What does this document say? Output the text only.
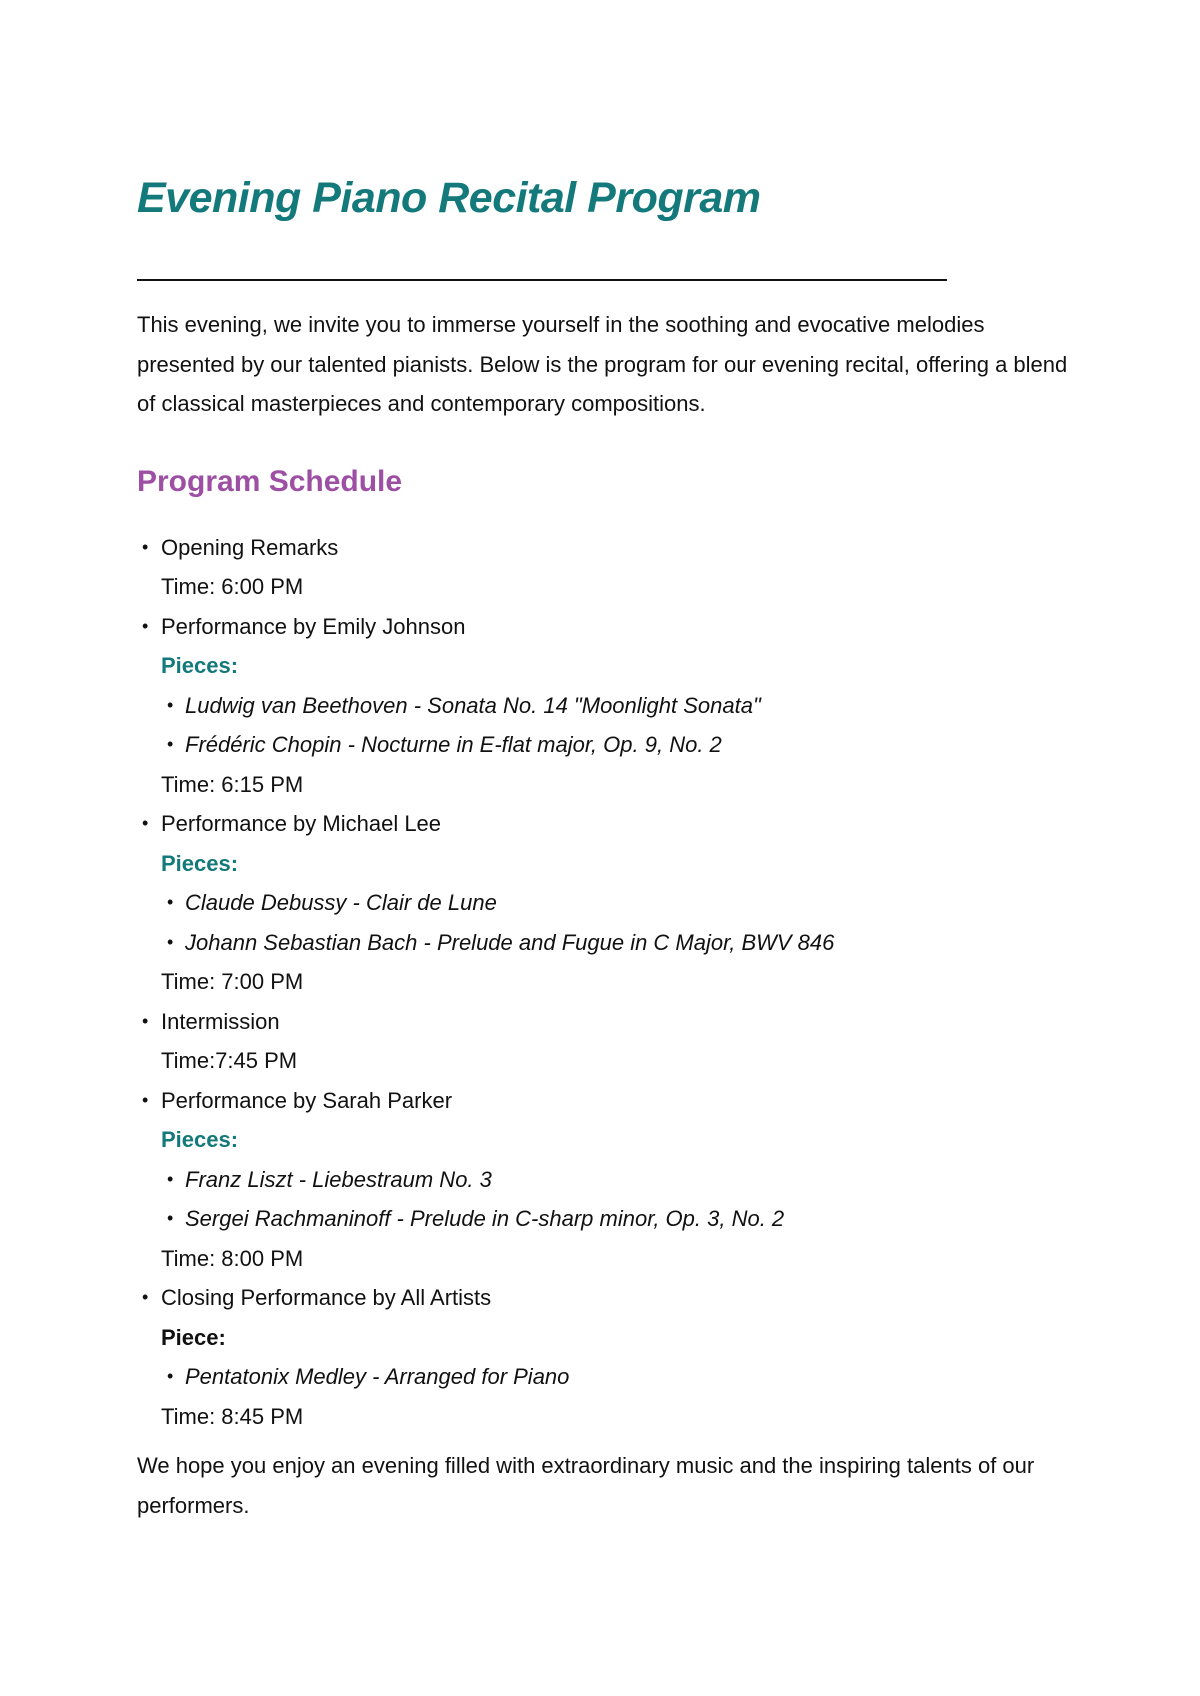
Evening Piano Recital Program

This evening, we invite you to immerse yourself in the soothing and evocative melodies presented by our talented pianists. Below is the program for our evening recital, offering a blend of classical masterpieces and contemporary compositions.

Program Schedule
• Opening Remarks
Time: 6:00 PM
• Performance by Emily Johnson
Pieces:
• Ludwig van Beethoven - Sonata No. 14 "Moonlight Sonata"
• Frédéric Chopin - Nocturne in E-flat major, Op. 9, No. 2
Time: 6:15 PM
• Performance by Michael Lee
Pieces:
• Claude Debussy - Clair de Lune
• Johann Sebastian Bach - Prelude and Fugue in C Major, BWV 846
Time: 7:00 PM
• Intermission
Time:7:45 PM
• Performance by Sarah Parker
Pieces:
• Franz Liszt - Liebestraum No. 3
• Sergei Rachmaninoff - Prelude in C-sharp minor, Op. 3, No. 2
Time: 8:00 PM
• Closing Performance by All Artists
Piece:
• Pentatonix Medley - Arranged for Piano
Time: 8:45 PM

We hope you enjoy an evening filled with extraordinary music and the inspiring talents of our performers.
